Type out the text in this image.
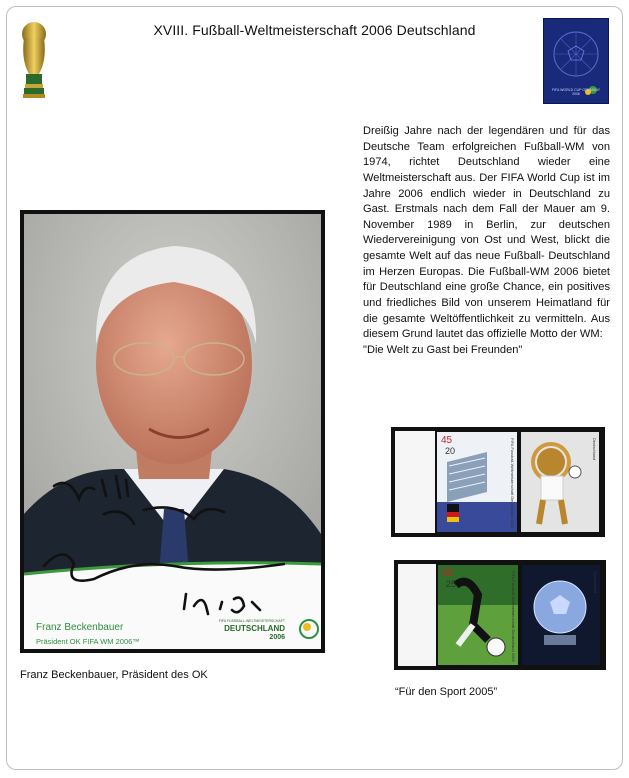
XVIII. Fußball-Weltmeisterschaft 2006 Deutschland
FIFA WORLD CUP GERMANY 2006

Dreißig Jahre nach der legendären und für das Deutsche Team erfolgreichen Fußball-WM von 1974, richtet Deutschland wieder eine Weltmeisterschaft aus. Der FIFA World Cup ist im Jahre 2006 endlich wieder in Deutschland zu Gast. Erstmals nach dem Fall der Mauer am 9. November 1989 in Berlin, zur deutschen Wiedervereinigung von Ost und West, blickt die gesamte Welt auf das neue Fußball- Deutschland im Herzen Europas. Die Fußball-WM 2006 bietet für Deutschland eine große Chance, ein positives und friedliches Bild von unserem Heimatland für die gesamte Weltöffentlichkeit zu vermitteln. Aus diesem Grund lautet das offizielle Motto der WM:

"Die Welt zu Gast bei Freunden"

Franz Beckenbauer
Präsident OK FIFA WM 2006™
FIFA FUSSBALL-WELTMEISTERSCHAFT
DEUTSCHLAND
2006
Franz Beckenbauer, Präsident des OK
45
20	FIFA Fussball-Weltmeisterschaft Deutschland 2006	Deutschland
55
25	FIFA Fussball-Weltmeisterschaft Deutschland 2006	Deutschland
“Für den Sport 2005”
